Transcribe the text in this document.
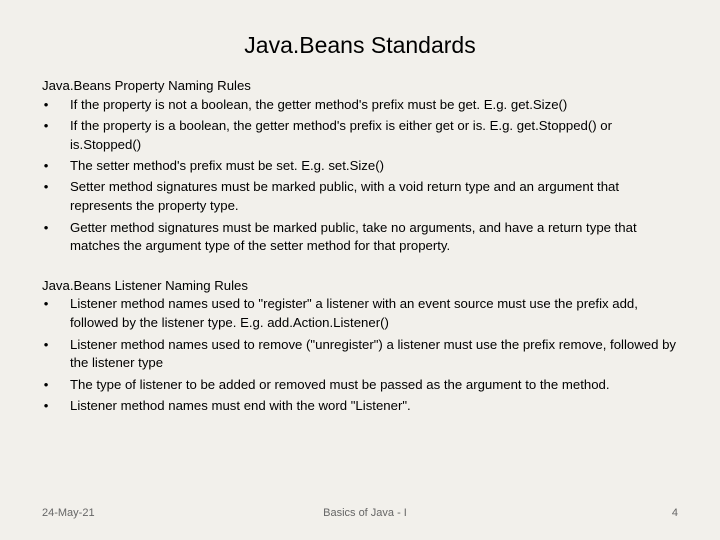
Java.Beans Standards

Java.Beans Property Naming Rules

• If the property is not a boolean, the getter method's prefix must be get. E.g. get.Size()
• If the property is a boolean, the getter method's prefix is either get or is. E.g. get.Stopped() or is.Stopped()
• The setter method's prefix must be set. E.g. set.Size()
• Setter method signatures must be marked public, with a void return type and an argument that represents the property type.
• Getter method signatures must be marked public, take no arguments, and have a return type that matches the argument type of the setter method for that property.

Java.Beans Listener Naming Rules

• Listener method names used to "register" a listener with an event source must use the prefix add, followed by the listener type. E.g. add.Action.Listener()
• Listener method names used to remove ("unregister") a listener must use the prefix remove, followed by the listener type
• The type of listener to be added or removed must be passed as the argument to the method.
• Listener method names must end with the word "Listener".
24-May-21	Basics of Java - I	4
